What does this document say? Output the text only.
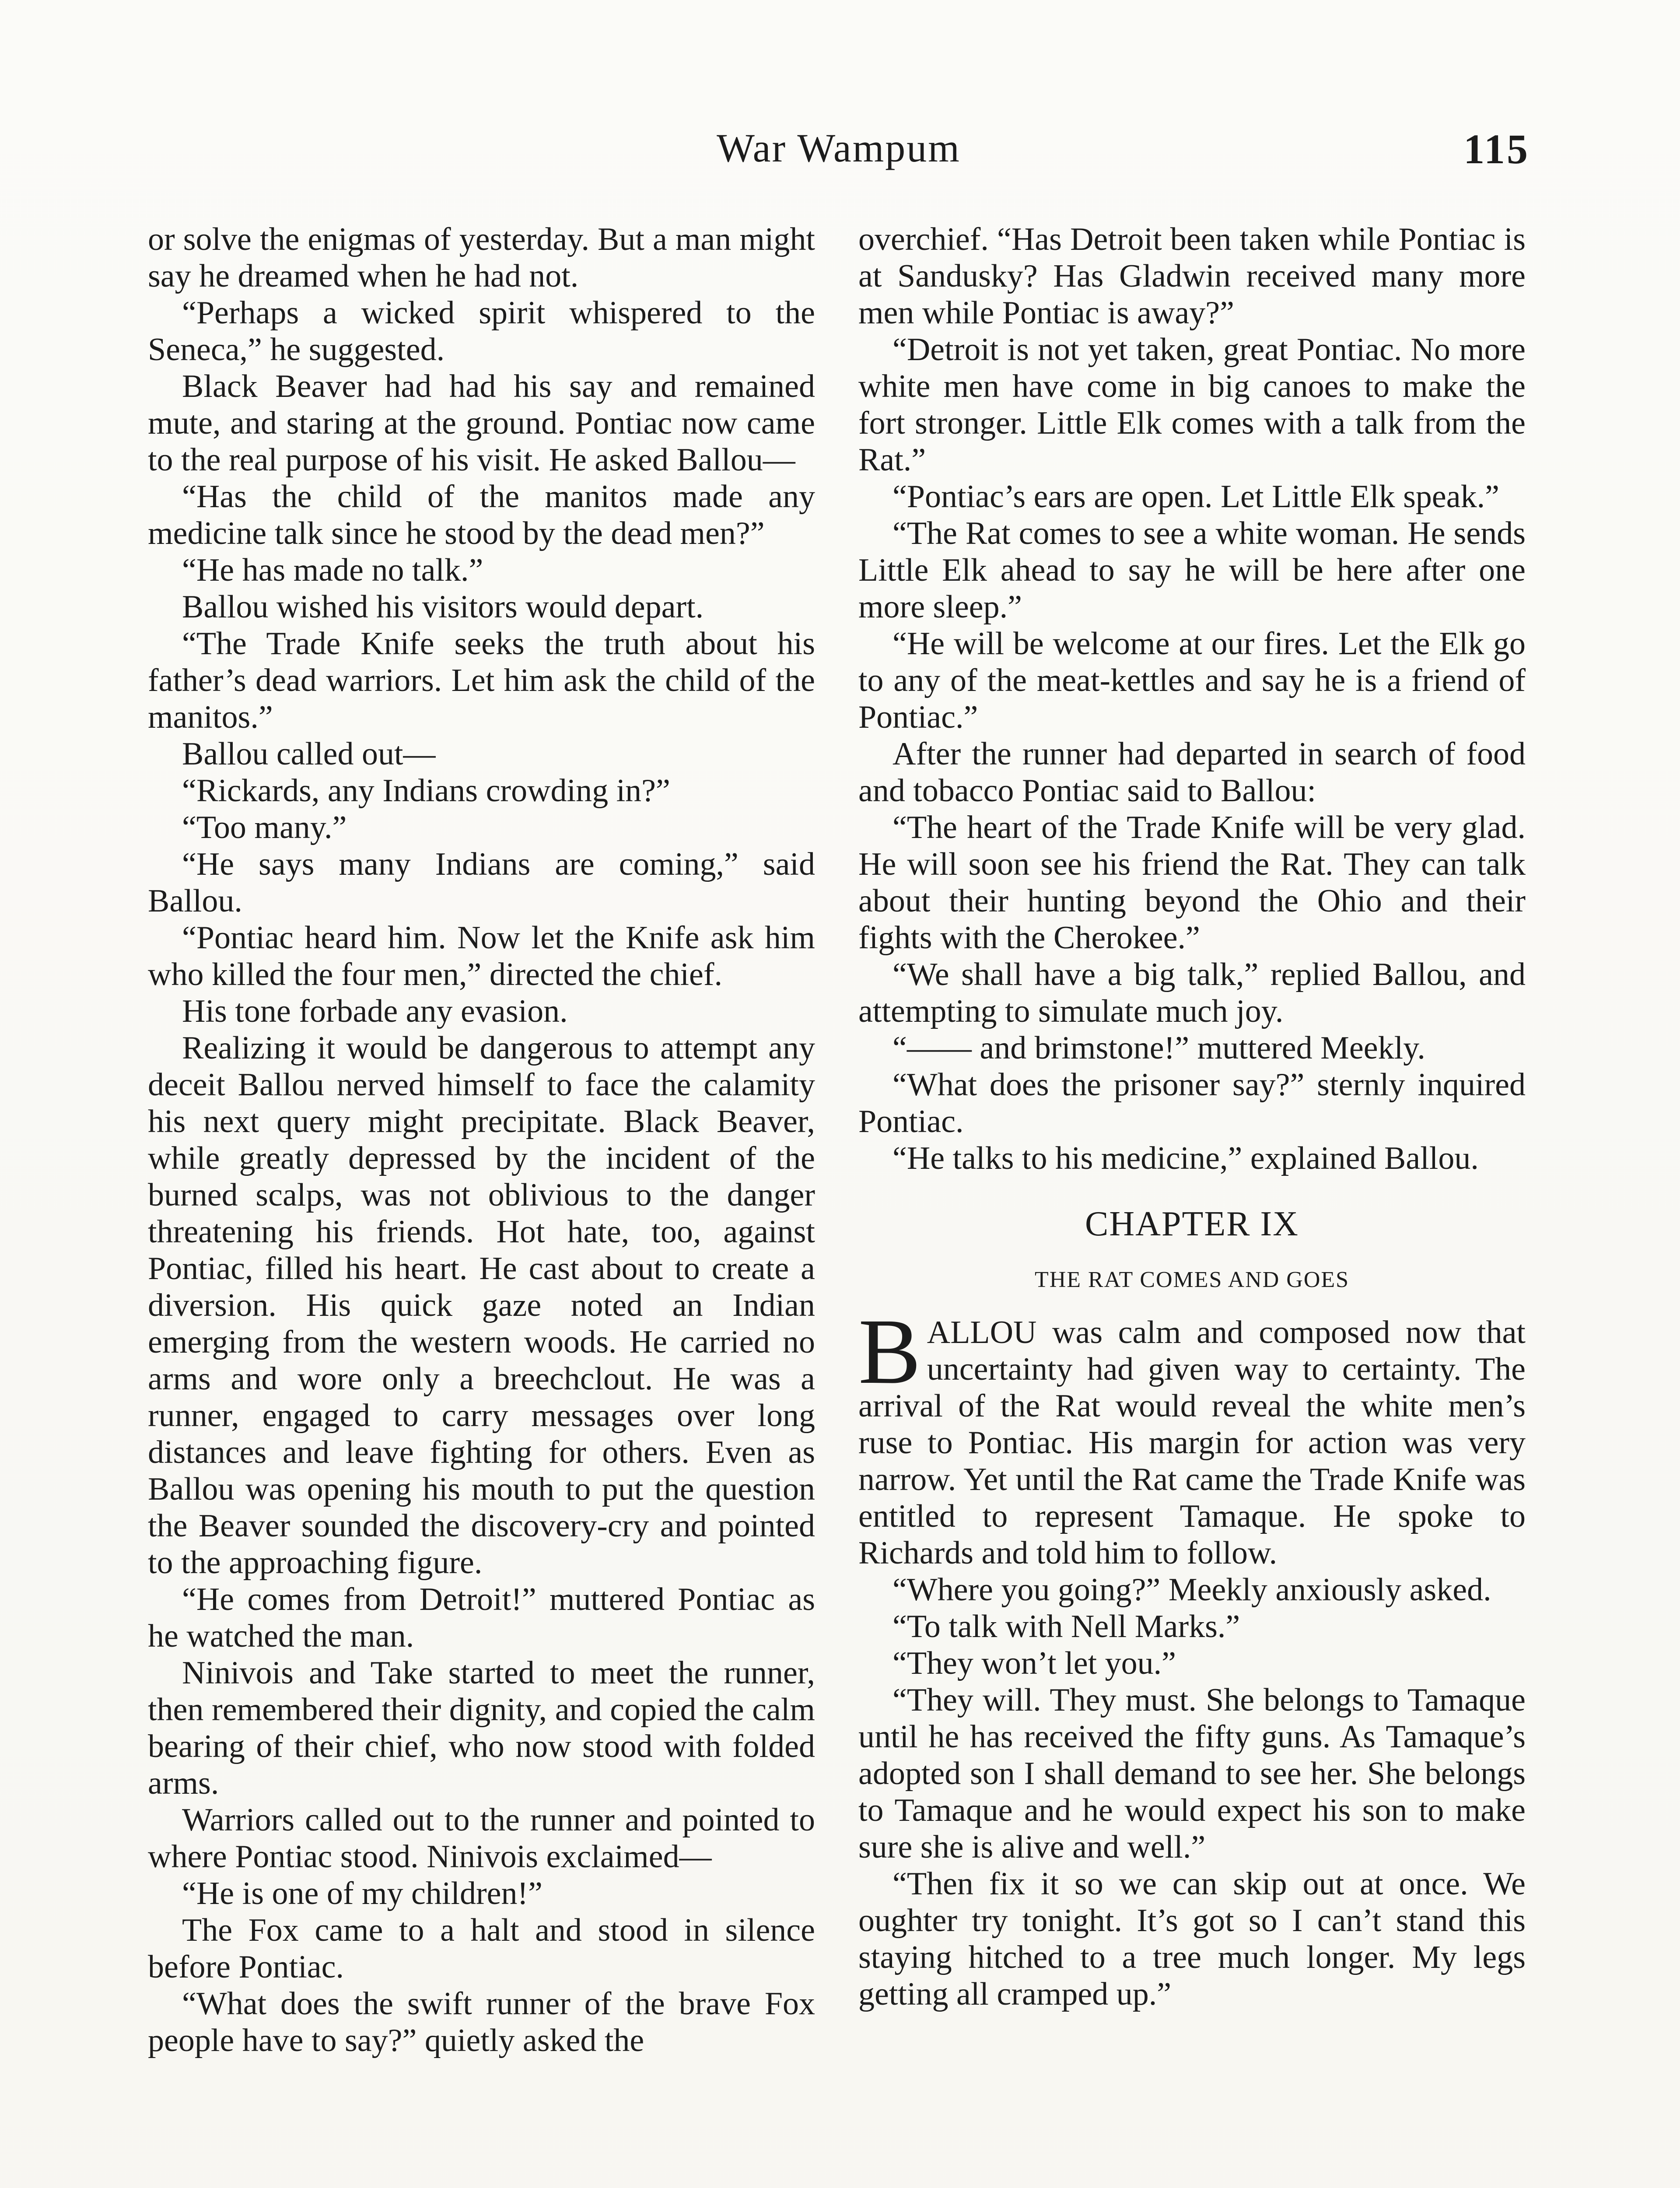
War Wampum	115

or solve the enigmas of yesterday. But a man might say he dreamed when he had not.

“Perhaps a wicked spirit whispered to the Seneca,” he suggested.

Black Beaver had had his say and remained mute, and staring at the ground. Pontiac now came to the real purpose of his visit. He asked Ballou—

“Has the child of the manitos made any medicine talk since he stood by the dead men?”

“He has made no talk.”

Ballou wished his visitors would depart.

“The Trade Knife seeks the truth about his father’s dead warriors. Let him ask the child of the manitos.”

Ballou called out—

“Rickards, any Indians crowding in?”

“Too many.”

“He says many Indians are coming,” said Ballou.

“Pontiac heard him. Now let the Knife ask him who killed the four men,” directed the chief.

His tone forbade any evasion.

Realizing it would be dangerous to attempt any deceit Ballou nerved himself to face the calamity his next query might precipitate. Black Beaver, while greatly depressed by the incident of the burned scalps, was not oblivious to the danger threatening his friends. Hot hate, too, against Pontiac, filled his heart. He cast about to create a diversion. His quick gaze noted an Indian emerging from the western woods. He carried no arms and wore only a breechclout. He was a runner, engaged to carry messages over long distances and leave fighting for others. Even as Ballou was opening his mouth to put the question the Beaver sounded the discovery-cry and pointed to the approaching figure.

“He comes from Detroit!” muttered Pontiac as he watched the man.

Ninivois and Take started to meet the runner, then remembered their dignity, and copied the calm bearing of their chief, who now stood with folded arms.

Warriors called out to the runner and pointed to where Pontiac stood. Ninivois exclaimed—

“He is one of my children!”

The Fox came to a halt and stood in silence before Pontiac.

“What does the swift runner of the brave Fox people have to say?” quietly asked the

overchief. “Has Detroit been taken while Pontiac is at Sandusky? Has Gladwin received many more men while Pontiac is away?”

“Detroit is not yet taken, great Pontiac. No more white men have come in big canoes to make the fort stronger. Little Elk comes with a talk from the Rat.”

“Pontiac’s ears are open. Let Little Elk speak.”

“The Rat comes to see a white woman. He sends Little Elk ahead to say he will be here after one more sleep.”

“He will be welcome at our fires. Let the Elk go to any of the meat-kettles and say he is a friend of Pontiac.”

After the runner had departed in search of food and tobacco Pontiac said to Ballou:

“The heart of the Trade Knife will be very glad. He will soon see his friend the Rat. They can talk about their hunting beyond the Ohio and their fights with the Cherokee.”

“We shall have a big talk,” replied Ballou, and attempting to simulate much joy.

“—— and brimstone!” muttered Meekly.

“What does the prisoner say?” sternly inquired Pontiac.

“He talks to his medicine,” explained Ballou.

CHAPTER IX
THE RAT COMES AND GOES

BALLOU was calm and composed now that uncertainty had given way to certainty. The arrival of the Rat would reveal the white men’s ruse to Pontiac. His margin for action was very narrow. Yet until the Rat came the Trade Knife was entitled to represent Tamaque. He spoke to Richards and told him to follow.

“Where you going?” Meekly anxiously asked.

“To talk with Nell Marks.”

“They won’t let you.”

“They will. They must. She belongs to Tamaque until he has received the fifty guns. As Tamaque’s adopted son I shall demand to see her. She belongs to Tamaque and he would expect his son to make sure she is alive and well.”

“Then fix it so we can skip out at once. We oughter try tonight. It’s got so I can’t stand this staying hitched to a tree much longer. My legs getting all cramped up.”
